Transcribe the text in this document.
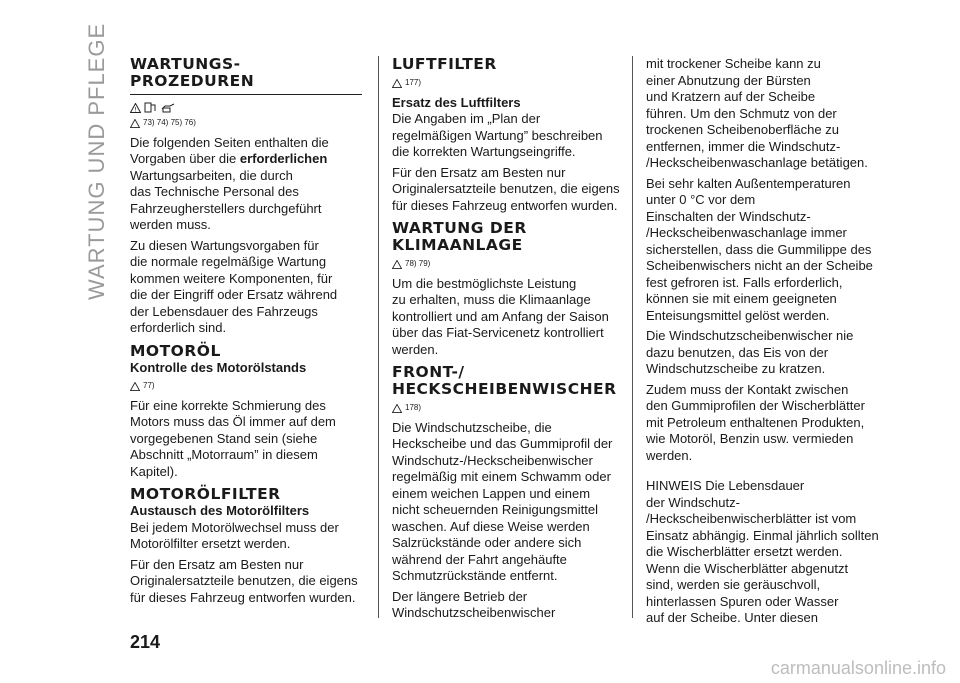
WARTUNG UND PFLEGE WARTUNGS-
PROZEDUREN
!
73) 74) 75) 76)

Die folgenden Seiten enthalten die
Vorgaben über die erforderlichen
Wartungsarbeiten, die durch
das Technische Personal des
Fahrzeugherstellers durchgeführt
werden muss.

Zu diesen Wartungsvorgaben für
die normale regelmäßige Wartung
kommen weitere Komponenten, für
die der Eingriff oder Ersatz während
der Lebensdauer des Fahrzeugs
erforderlich sind.

MOTORÖL
Kontrolle des Motorölstands
77)

Für eine korrekte Schmierung des
Motors muss das Öl immer auf dem
vorgegebenen Stand sein (siehe
Abschnitt „Motorraum” in diesem
Kapitel).

MOTORÖLFILTER
Austausch des Motorölfilters

Bei jedem Motorölwechsel muss der
Motorölfilter ersetzt werden.

Für den Ersatz am Besten nur
Originalersatzteile benutzen, die eigens
für dieses Fahrzeug entworfen wurden.

LUFTFILTER
177)
Ersatz des Luftfilters

Die Angaben im „Plan der
regelmäßigen Wartung” beschreiben
die korrekten Wartungseingriffe.

Für den Ersatz am Besten nur
Originalersatzteile benutzen, die eigens
für dieses Fahrzeug entworfen wurden.

WARTUNG DER
KLIMAANLAGE
78) 79)

Um die bestmöglichste Leistung
zu erhalten, muss die Klimaanlage
kontrolliert und am Anfang der Saison
über das Fiat-Servicenetz kontrolliert
werden.

FRONT-/
HECKSCHEIBENWISCHER
178)

Die Windschutzscheibe, die
Heckscheibe und das Gummiprofil der
Windschutz-/Heckscheibenwischer
regelmäßig mit einem Schwamm oder
einem weichen Lappen und einem
nicht scheuernden Reinigungsmittel
waschen. Auf diese Weise werden
Salzrückstände oder andere sich
während der Fahrt angehäufte
Schmutzrückstände entfernt.

Der längere Betrieb der
Windschutzscheibenwischer

mit trockener Scheibe kann zu
einer Abnutzung der Bürsten
und Kratzern auf der Scheibe
führen. Um den Schmutz von der
trockenen Scheibenoberfläche zu
entfernen, immer die Windschutz-
/Heckscheibenwaschanlage betätigen.

Bei sehr kalten Außentemperaturen
unter 0 °C vor dem
Einschalten der Windschutz-
/Heckscheibenwaschanlage immer
sicherstellen, dass die Gummilippe des
Scheibenwischers nicht an der Scheibe
fest gefroren ist. Falls erforderlich,
können sie mit einem geeigneten
Enteisungsmittel gelöst werden.

Die Windschutzscheibenwischer nie
dazu benutzen, das Eis von der
Windschutzscheibe zu kratzen.

Zudem muss der Kontakt zwischen
den Gummiprofilen der Wischerblätter
mit Petroleum enthaltenen Produkten,
wie Motoröl, Benzin usw. vermieden
werden.

HINWEIS Die Lebensdauer
der Windschutz-
/Heckscheibenwischerblätter ist vom
Einsatz abhängig. Einmal jährlich sollten
die Wischerblätter ersetzt werden.
Wenn die Wischerblätter abgenutzt
sind, werden sie geräuschvoll,
hinterlassen Spuren oder Wasser
auf der Scheibe. Unter diesen

214
carmanualsonline.info
